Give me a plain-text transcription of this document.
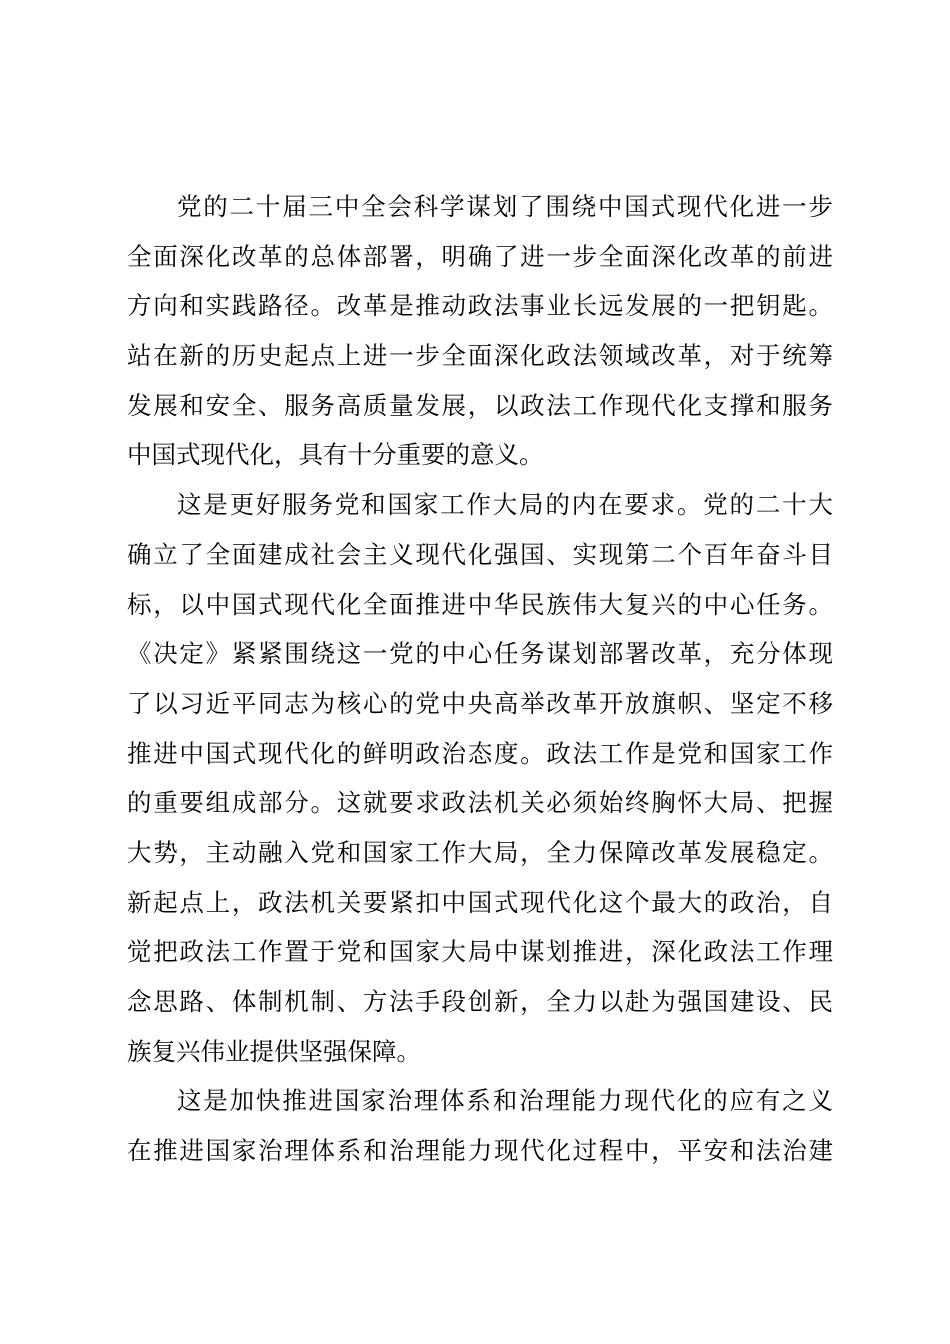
党的二十届三中全会科学谋划了围绕中国式现代化进一步
全面深化改革的总体部署，明确了进一步全面深化改革的前进
方向和实践路径。改革是推动政法事业长远发展的一把钥匙。
站在新的历史起点上进一步全面深化政法领域改革，对于统筹
发展和安全、服务高质量发展，以政法工作现代化支撑和服务
中国式现代化，具有十分重要的意义。
这是更好服务党和国家工作大局的内在要求。党的二十大
确立了全面建成社会主义现代化强国、实现第二个百年奋斗目
标，以中国式现代化全面推进中华民族伟大复兴的中心任务。
《决定》紧紧围绕这一党的中心任务谋划部署改革，充分体现
了以习近平同志为核心的党中央高举改革开放旗帜、坚定不移
推进中国式现代化的鲜明政治态度。政法工作是党和国家工作
的重要组成部分。这就要求政法机关必须始终胸怀大局、把握
大势，主动融入党和国家工作大局，全力保障改革发展稳定。
新起点上，政法机关要紧扣中国式现代化这个最大的政治，自
觉把政法工作置于党和国家大局中谋划推进，深化政法工作理
念思路、体制机制、方法手段创新，全力以赴为强国建设、民
族复兴伟业提供坚强保障。
这是加快推进国家治理体系和治理能力现代化的应有之义
在推进国家治理体系和治理能力现代化过程中，平安和法治建
